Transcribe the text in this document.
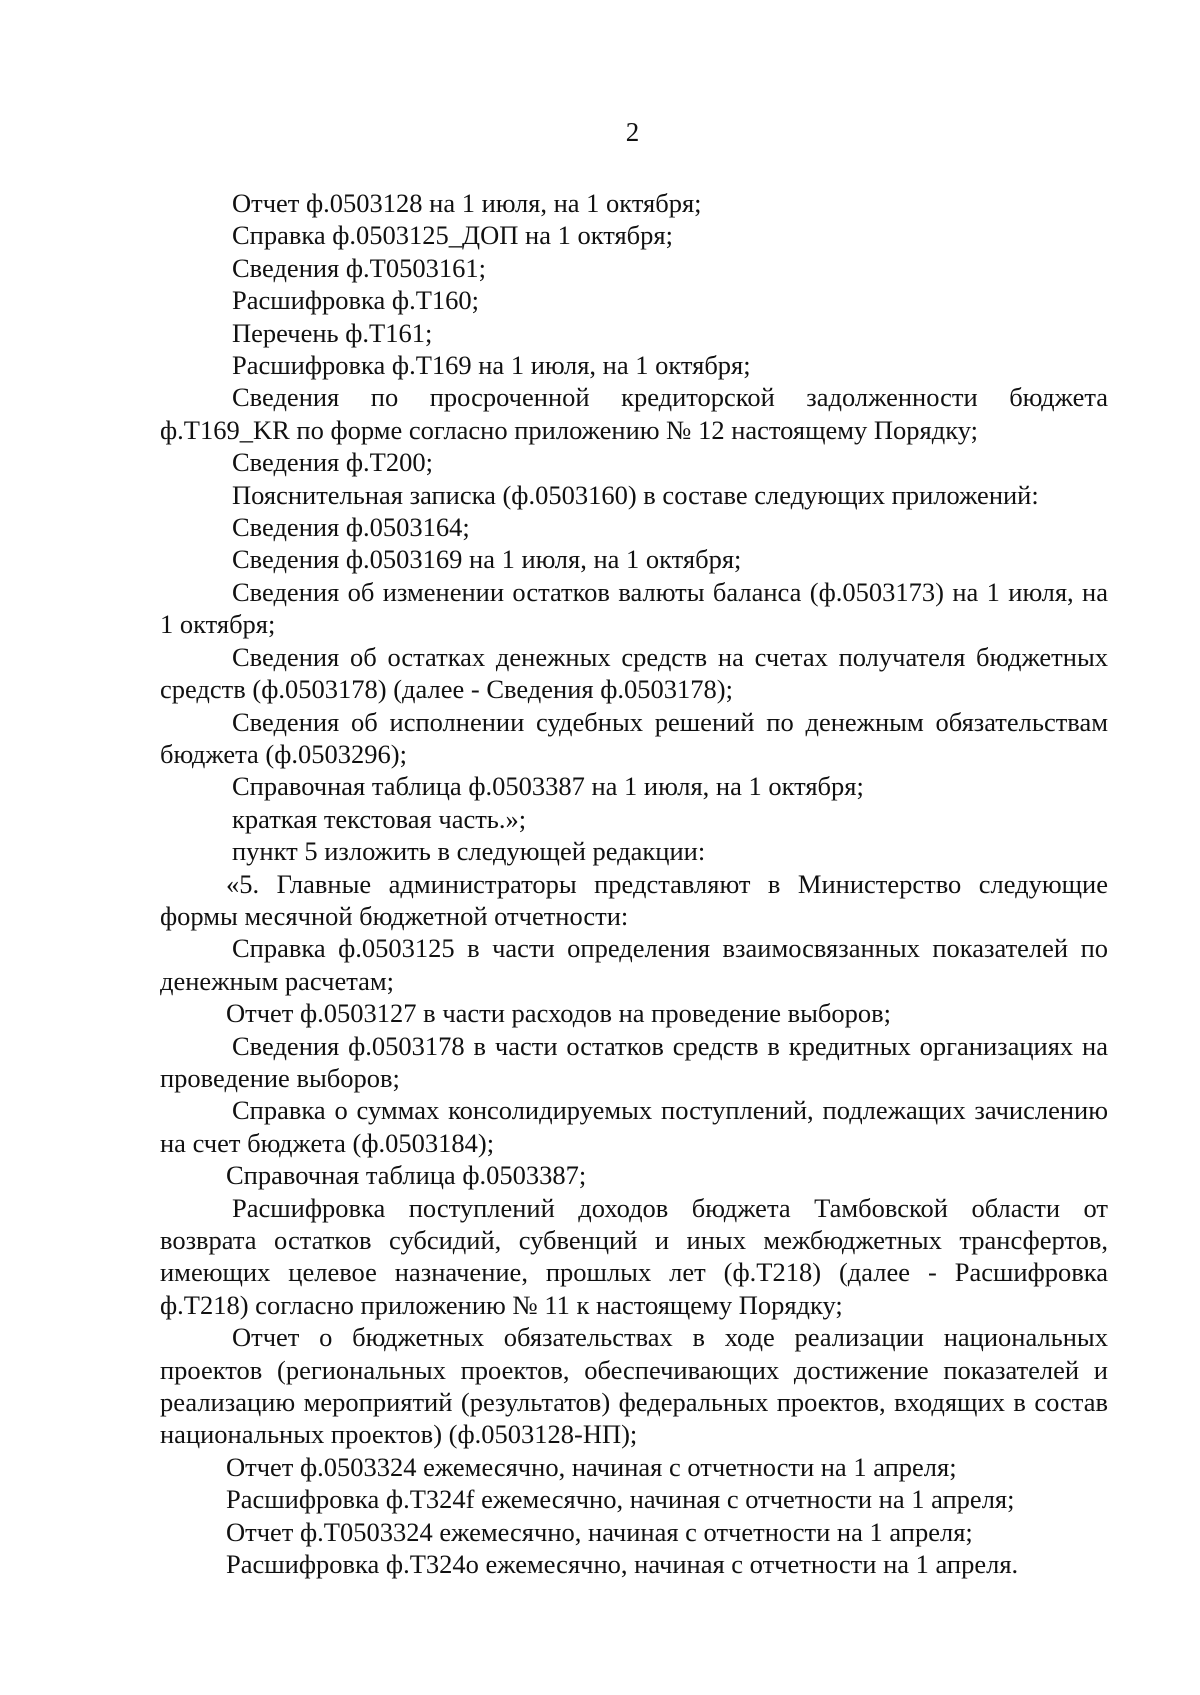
2

Отчет ф.0503128 на 1 июля, на 1 октября;

Справка ф.0503125_ДОП на 1 октября;

Сведения ф.Т0503161;

Расшифровка ф.Т160;

Перечень ф.Т161;

Расшифровка ф.Т169 на 1 июля, на 1 октября;

Сведения по просроченной кредиторской задолженности бюджета ф.Т169_KR по форме согласно приложению № 12 настоящему Порядку;

Сведения ф.Т200;

Пояснительная записка (ф.0503160) в составе следующих приложений:

Сведения ф.0503164;

Сведения ф.0503169 на 1 июля, на 1 октября;

Сведения об изменении остатков валюты баланса (ф.0503173) на 1 июля, на 1 октября;

Сведения об остатках денежных средств на счетах получателя бюджетных средств (ф.0503178) (далее - Сведения ф.0503178);

Сведения об исполнении судебных решений по денежным обязательствам бюджета (ф.0503296);

Справочная таблица ф.0503387 на 1 июля, на 1 октября;

краткая текстовая часть.»;

пункт 5 изложить в следующей редакции:

«5. Главные администраторы представляют в Министерство следующие формы месячной бюджетной отчетности:

Справка ф.0503125 в части определения взаимосвязанных показателей по денежным расчетам;

Отчет ф.0503127 в части расходов на проведение выборов;

Сведения ф.0503178 в части остатков средств в кредитных организациях на проведение выборов;

Справка о суммах консолидируемых поступлений, подлежащих зачислению на счет бюджета (ф.0503184);

Справочная таблица ф.0503387;

Расшифровка поступлений доходов бюджета Тамбовской области от возврата остатков субсидий, субвенций и иных межбюджетных трансфертов, имеющих целевое назначение, прошлых лет (ф.Т218) (далее - Расшифровка ф.Т218) согласно приложению № 11 к настоящему Порядку;

Отчет о бюджетных обязательствах в ходе реализации национальных проектов (региональных проектов, обеспечивающих достижение показателей и реализацию мероприятий (результатов) федеральных проектов, входящих в состав национальных проектов) (ф.0503128-НП);

Отчет ф.0503324 ежемесячно, начиная с отчетности на 1 апреля;

Расшифровка ф.Т324f ежемесячно, начиная с отчетности на 1 апреля;

Отчет ф.Т0503324 ежемесячно, начиная с отчетности на 1 апреля;

Расшифровка ф.Т324о ежемесячно, начиная с отчетности на 1 апреля.
